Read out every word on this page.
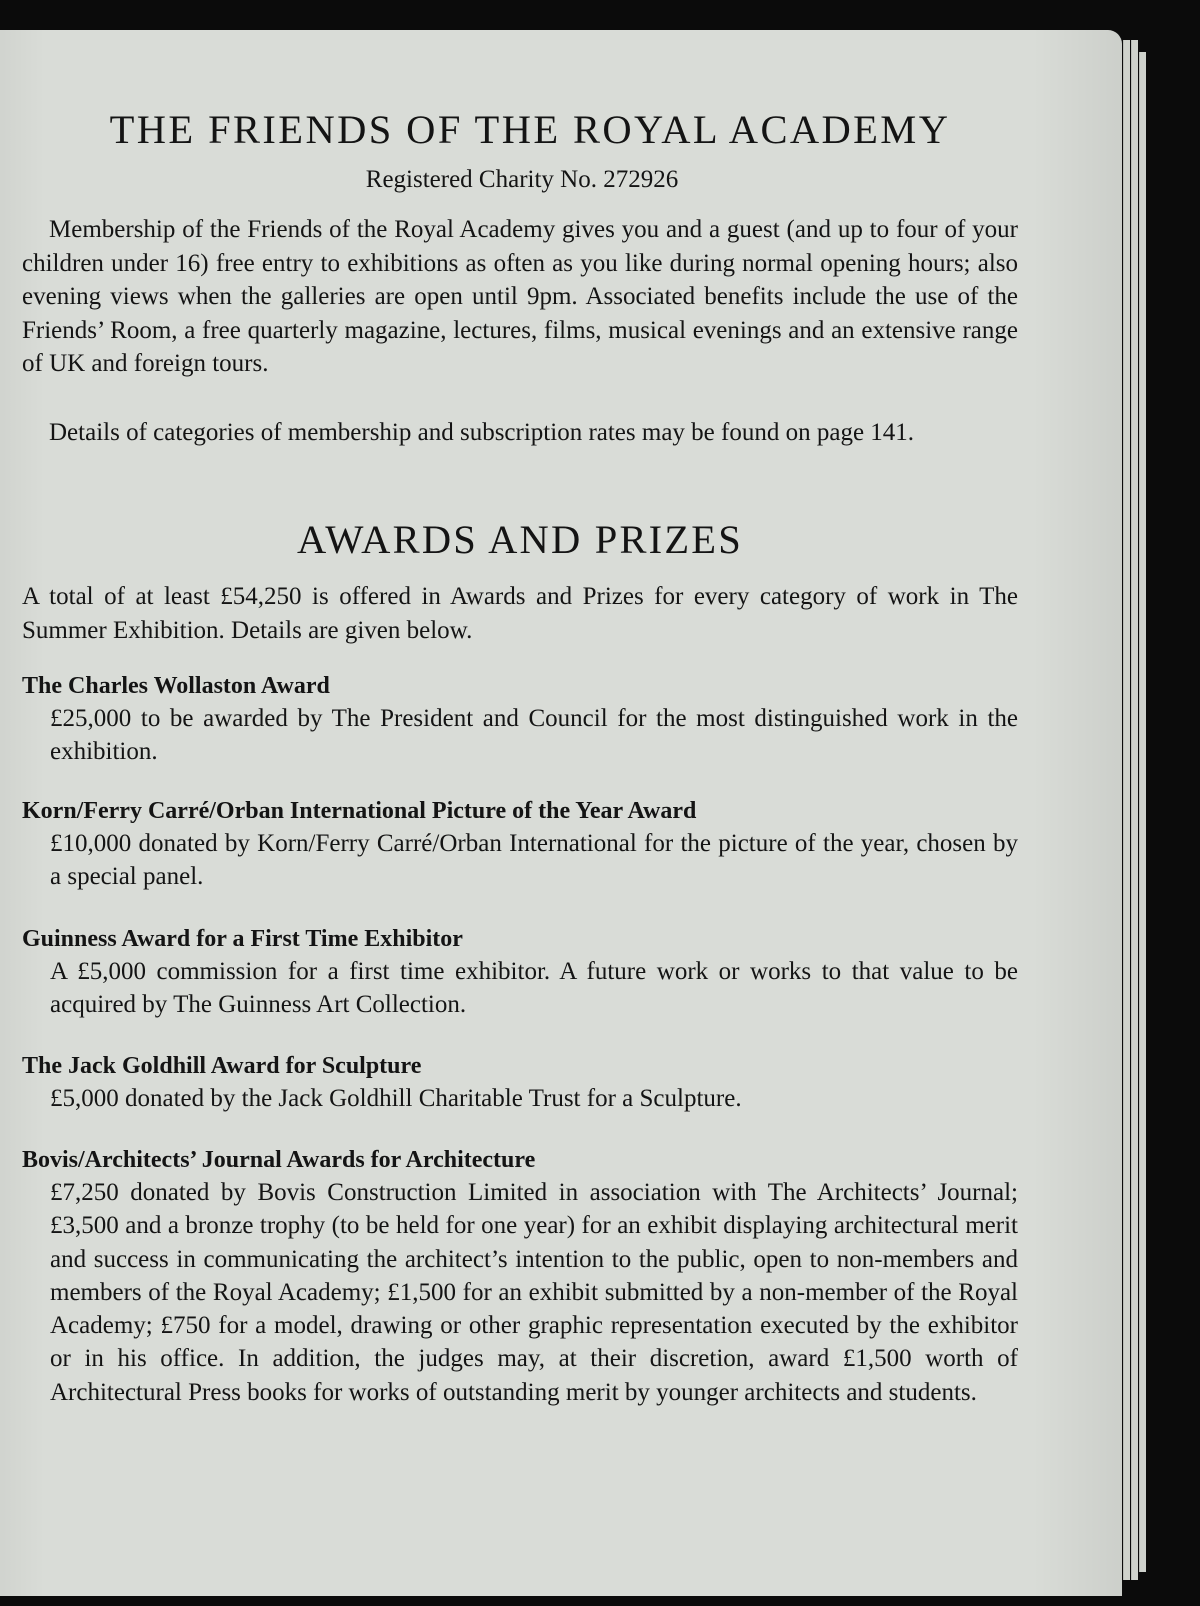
THE FRIENDS OF THE ROYAL ACADEMY
Registered Charity No. 272926

Membership of the Friends of the Royal Academy gives you and a guest (and up to four of your children under 16) free entry to exhibitions as often as you like during normal opening hours; also evening views when the galleries are open until 9pm. Associated benefits include the use of the Friends’ Room, a free quarterly magazine, lectures, films, musical evenings and an extensive range of UK and foreign tours.

Details of categories of membership and subscription rates may be found on page 141.

AWARDS AND PRIZES

A total of at least £54,250 is offered in Awards and Prizes for every category of work in The Summer Exhibition. Details are given below.

The Charles Wollaston Award

£25,000 to be awarded by The President and Council for the most distinguished work in the exhibition.

Korn/Ferry Carré/Orban International Picture of the Year Award

£10,000 donated by Korn/Ferry Carré/Orban International for the picture of the year, chosen by a special panel.

Guinness Award for a First Time Exhibitor

A £5,000 commission for a first time exhibitor. A future work or works to that value to be acquired by The Guinness Art Collection.

The Jack Goldhill Award for Sculpture

£5,000 donated by the Jack Goldhill Charitable Trust for a Sculpture.

Bovis/Architects’ Journal Awards for Architecture

£7,250 donated by Bovis Construction Limited in association with The Architects’ Journal; £3,500 and a bronze trophy (to be held for one year) for an exhibit displaying architectural merit and success in communicating the architect’s intention to the public, open to non-members and members of the Royal Academy; £1,500 for an exhibit submitted by a non-member of the Royal Academy; £750 for a model, drawing or other graphic representation executed by the exhibitor or in his office. In addition, the judges may, at their discretion, award £1,500 worth of Architectural Press books for works of outstanding merit by younger architects and students.
